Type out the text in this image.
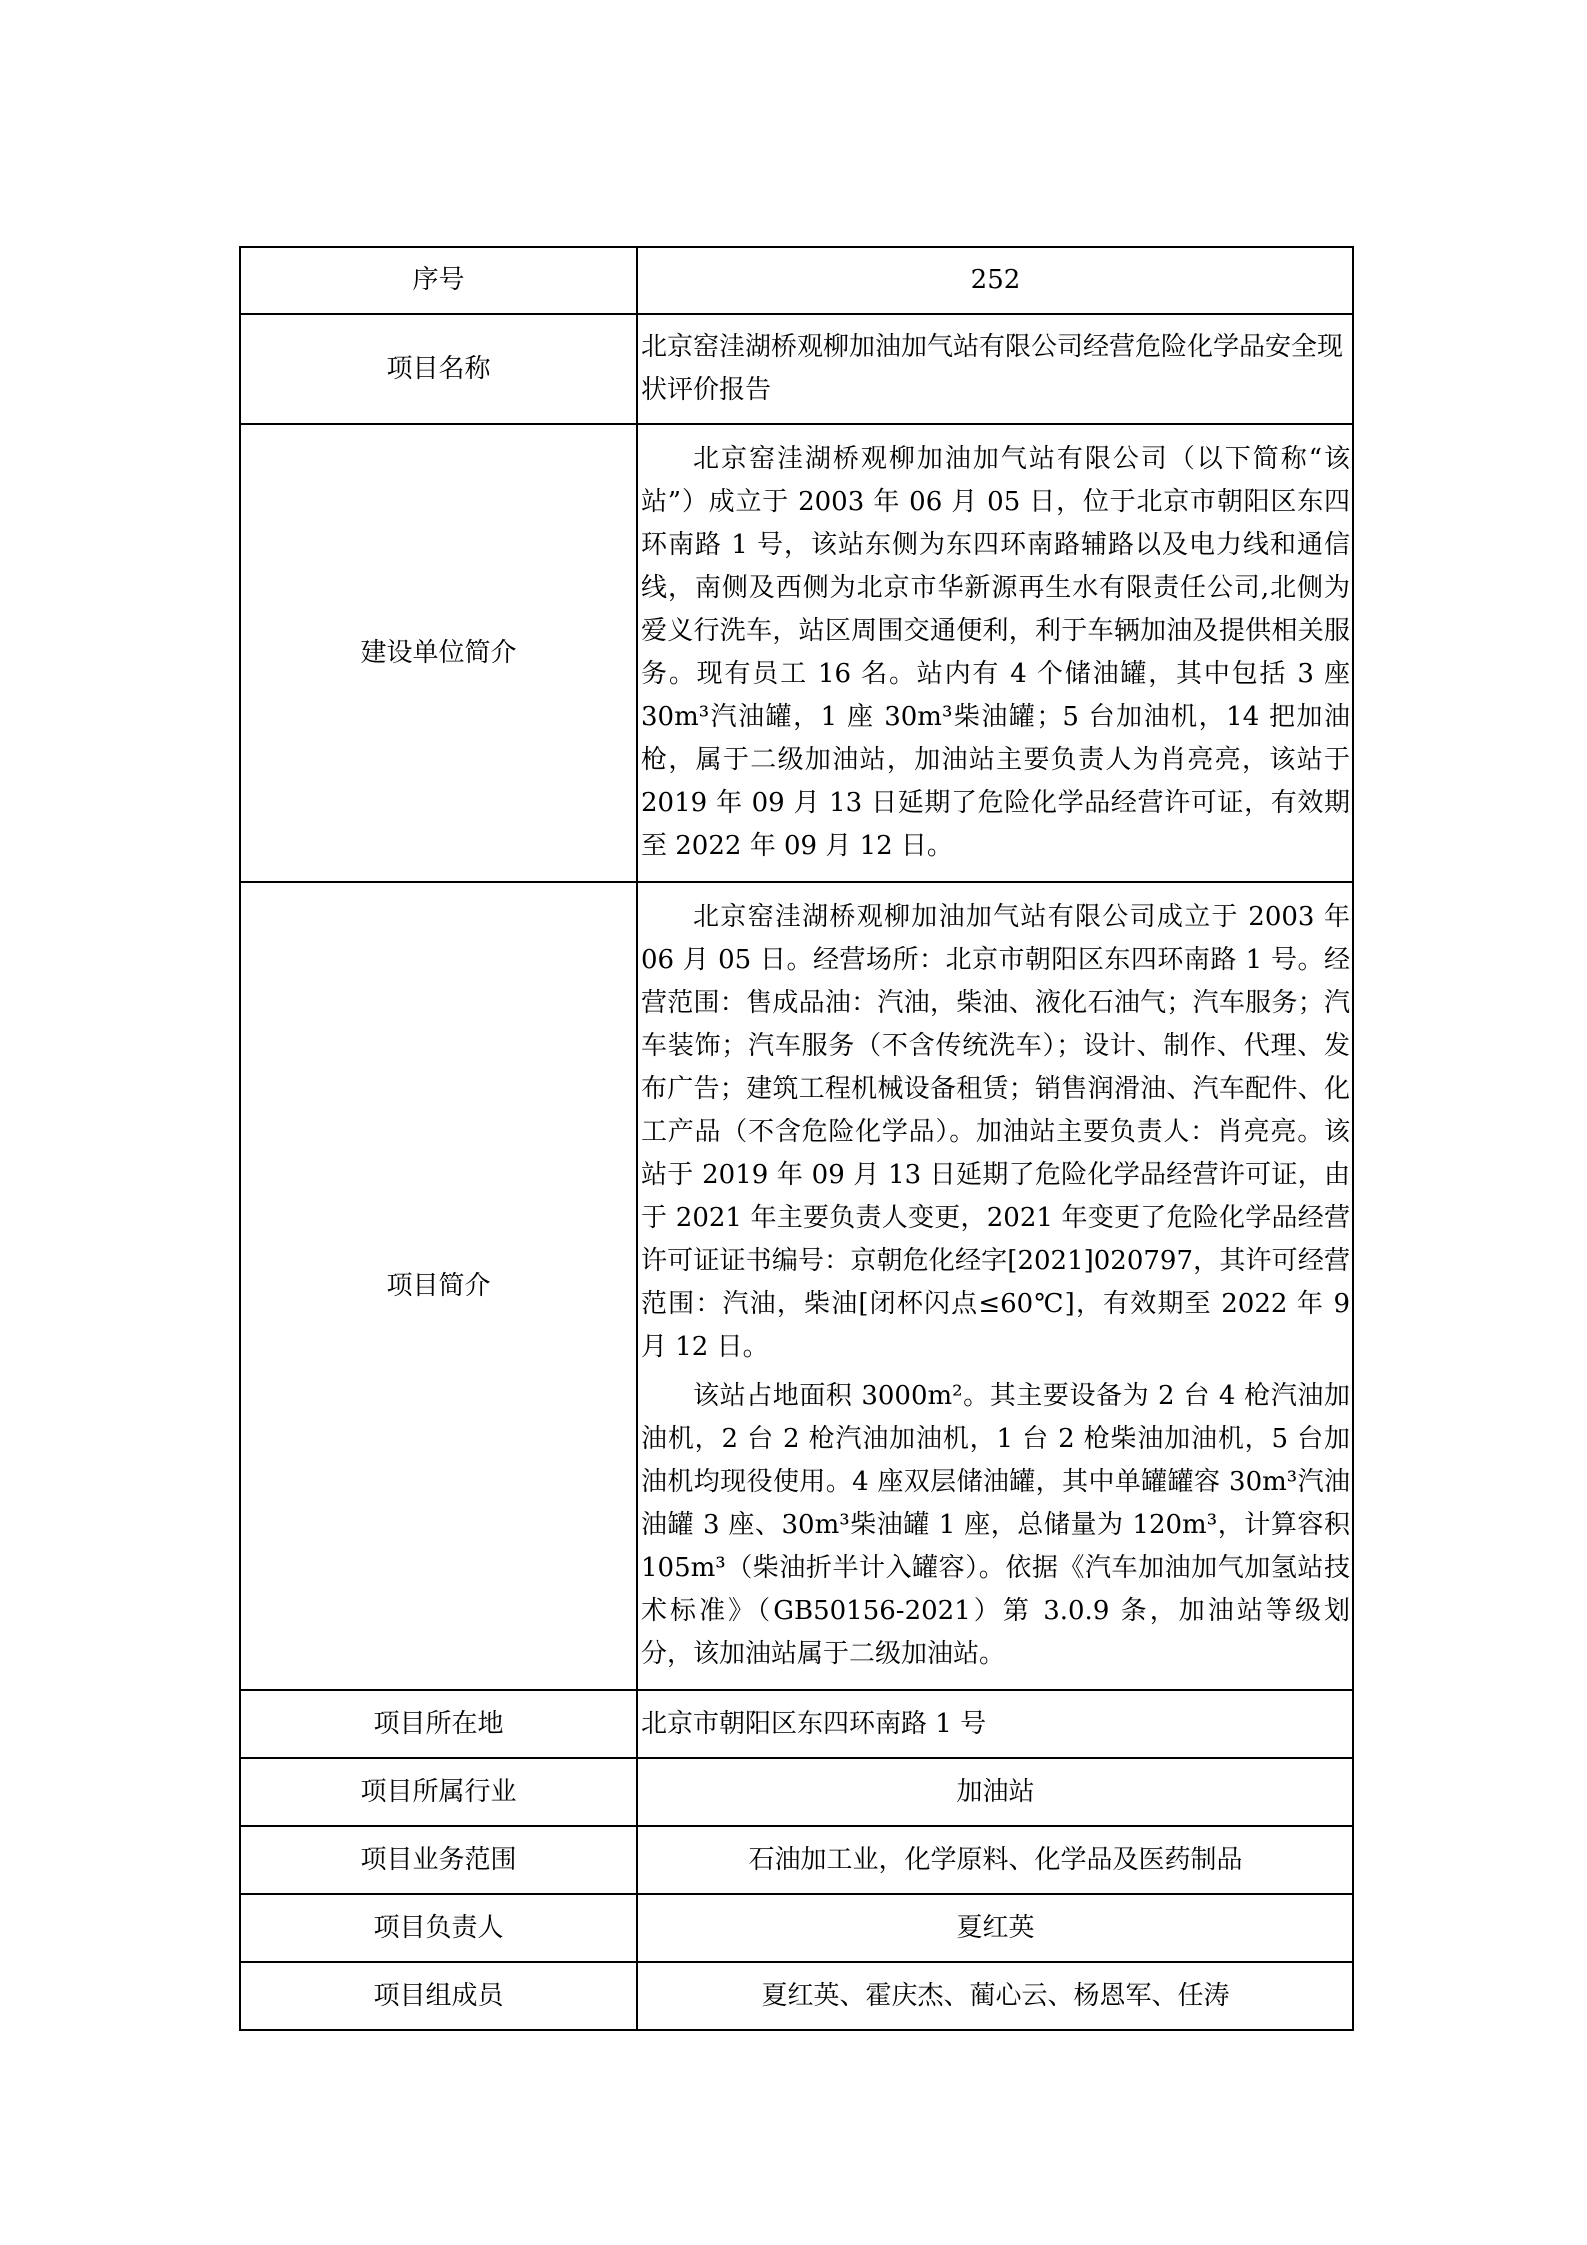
序号	252
项目名称	北京窑洼湖桥观柳加油加气站有限公司经营危险化学品安全现状评价报告
建设单位简介	北京窑洼湖桥观柳加油加气站有限公司（以下简称“该站”）成立于 2003 年 06 月 05 日，位于北京市朝阳区东四环南路 1 号，该站东侧为东四环南路辅路以及电力线和通信线，南侧及西侧为北京市华新源再生水有限责任公司,北侧为爱义行洗车，站区周围交通便利，利于车辆加油及提供相关服务。现有员工 16 名。站内有 4 个储油罐，其中包括 3 座 30m³汽油罐，1 座 30m³柴油罐；5 台加油机，14 把加油枪，属于二级加油站，加油站主要负责人为肖亮亮，该站于 2019 年 09 月 13 日延期了危险化学品经营许可证，有效期至 2022 年 09 月 12 日。

项目简介	北京窑洼湖桥观柳加油加气站有限公司成立于 2003 年 06 月 05 日。经营场所：北京市朝阳区东四环南路 1 号。经营范围：售成品油：汽油，柴油、液化石油气；汽车服务；汽车装饰；汽车服务（不含传统洗车）；设计、制作、代理、发布广告；建筑工程机械设备租赁；销售润滑油、汽车配件、化工产品（不含危险化学品）。加油站主要负责人：肖亮亮。该站于 2019 年 09 月 13 日延期了危险化学品经营许可证，由于 2021 年主要负责人变更，2021 年变更了危险化学品经营许可证证书编号：京朝危化经字[2021]020797，其许可经营范围：汽油，柴油[闭杯闪点≤60℃]，有效期至 2022 年 9 月 12 日。

该站占地面积 3000m²。其主要设备为 2 台 4 枪汽油加油机，2 台 2 枪汽油加油机，1 台 2 枪柴油加油机，5 台加油机均现役使用。4 座双层储油罐，其中单罐罐容 30m³汽油油罐 3 座、30m³柴油罐 1 座，总储量为 120m³，计算容积 105m³（柴油折半计入罐容）。依据《汽车加油加气加氢站技术标准》（GB50156-2021）第 3.0.9 条，加油站等级划分，该加油站属于二级加油站。

项目所在地	北京市朝阳区东四环南路 1 号
项目所属行业	加油站
项目业务范围	石油加工业，化学原料、化学品及医药制品
项目负责人	夏红英
项目组成员	夏红英、霍庆杰、蔺心云、杨恩军、任涛
